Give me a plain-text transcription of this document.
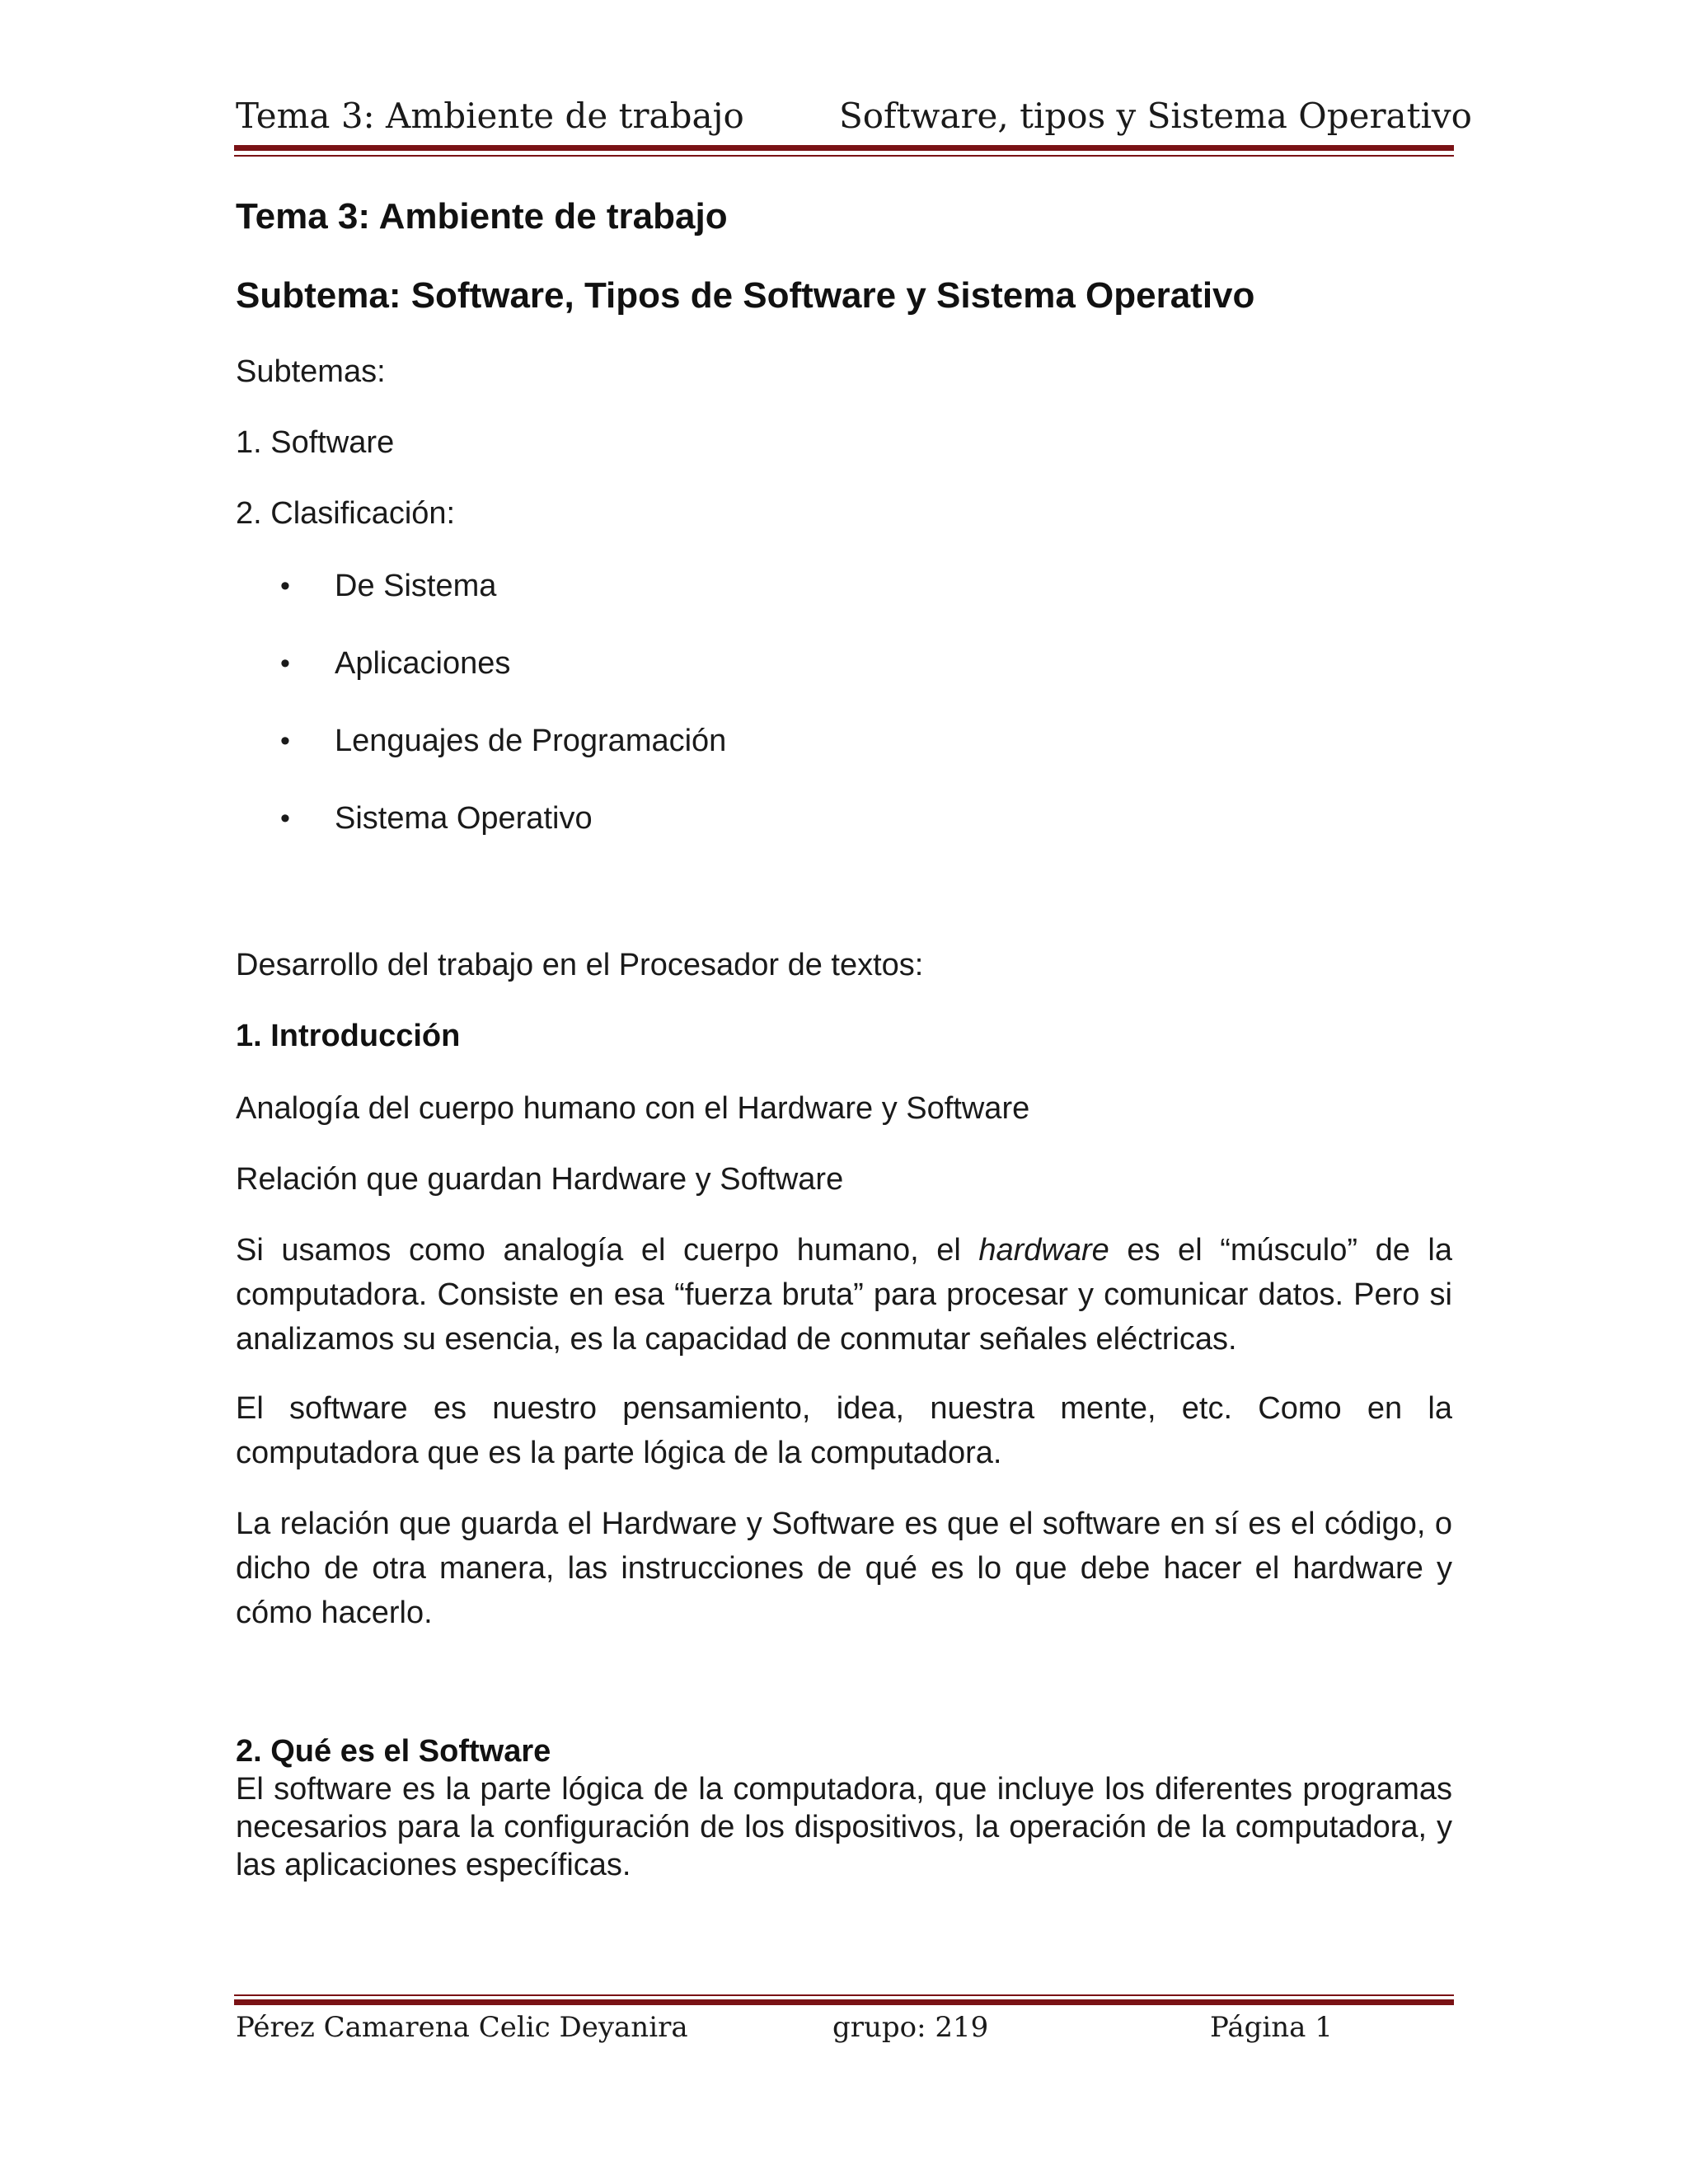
Tema 3: Ambiente de trabajo	Software, tipos y Sistema Operativo
Tema 3: Ambiente de trabajo
Subtema: Software, Tipos de Software y Sistema Operativo
Subtemas:
1. Software
2. Clasificación:
• De Sistema
• Aplicaciones
• Lenguajes de Programación
• Sistema Operativo
Desarrollo del trabajo en el Procesador de textos:
1. Introducción
Analogía del cuerpo humano con el Hardware y Software
Relación que guardan Hardware y Software
Si usamos como analogía el cuerpo humano, el hardware es el “músculo” de la computadora. Consiste en esa “fuerza bruta” para procesar y comunicar datos. Pero si analizamos su esencia, es la capacidad de conmutar señales eléctricas.
El software es nuestro pensamiento, idea, nuestra mente, etc. Como en la computadora que es la parte lógica de la computadora.
La relación que guarda el Hardware y Software es que el software en sí es el código, o dicho de otra manera, las instrucciones de qué es lo que debe hacer el hardware y cómo hacerlo.
2. Qué es el Software
El software es la parte lógica de la computadora, que incluye los diferentes programas necesarios para la configuración de los dispositivos, la operación de la computadora, y las aplicaciones específicas.
Pérez Camarena Celic Deyanira	grupo: 219	Página 1
